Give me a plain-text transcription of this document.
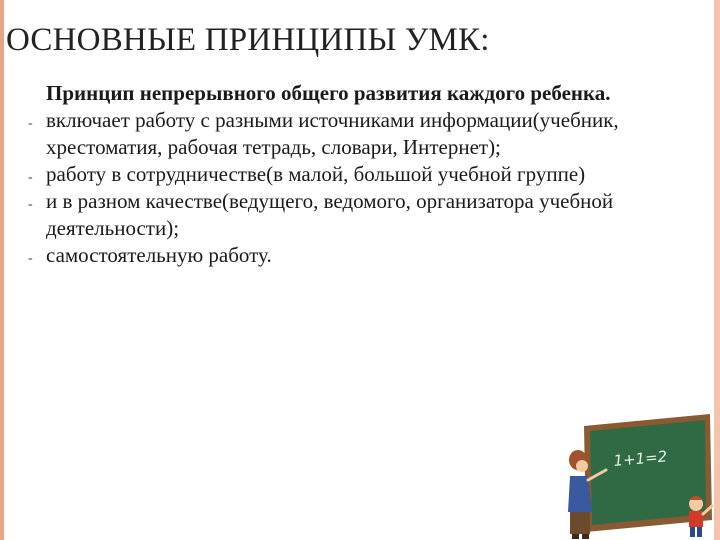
ОСНОВНЫЕ ПРИНЦИПЫ УМК:
Принцип непрерывного общего развития каждого ребенка.
- включает работу с разными источниками информации(учебник, хрестоматия, рабочая тетрадь, словари, Интернет);
- работу в сотрудничестве(в малой, большой учебной группе)
- и в разном качестве(ведущего, ведомого, организатора учебной деятельности);
- самостоятельную работу.
1+1=2
